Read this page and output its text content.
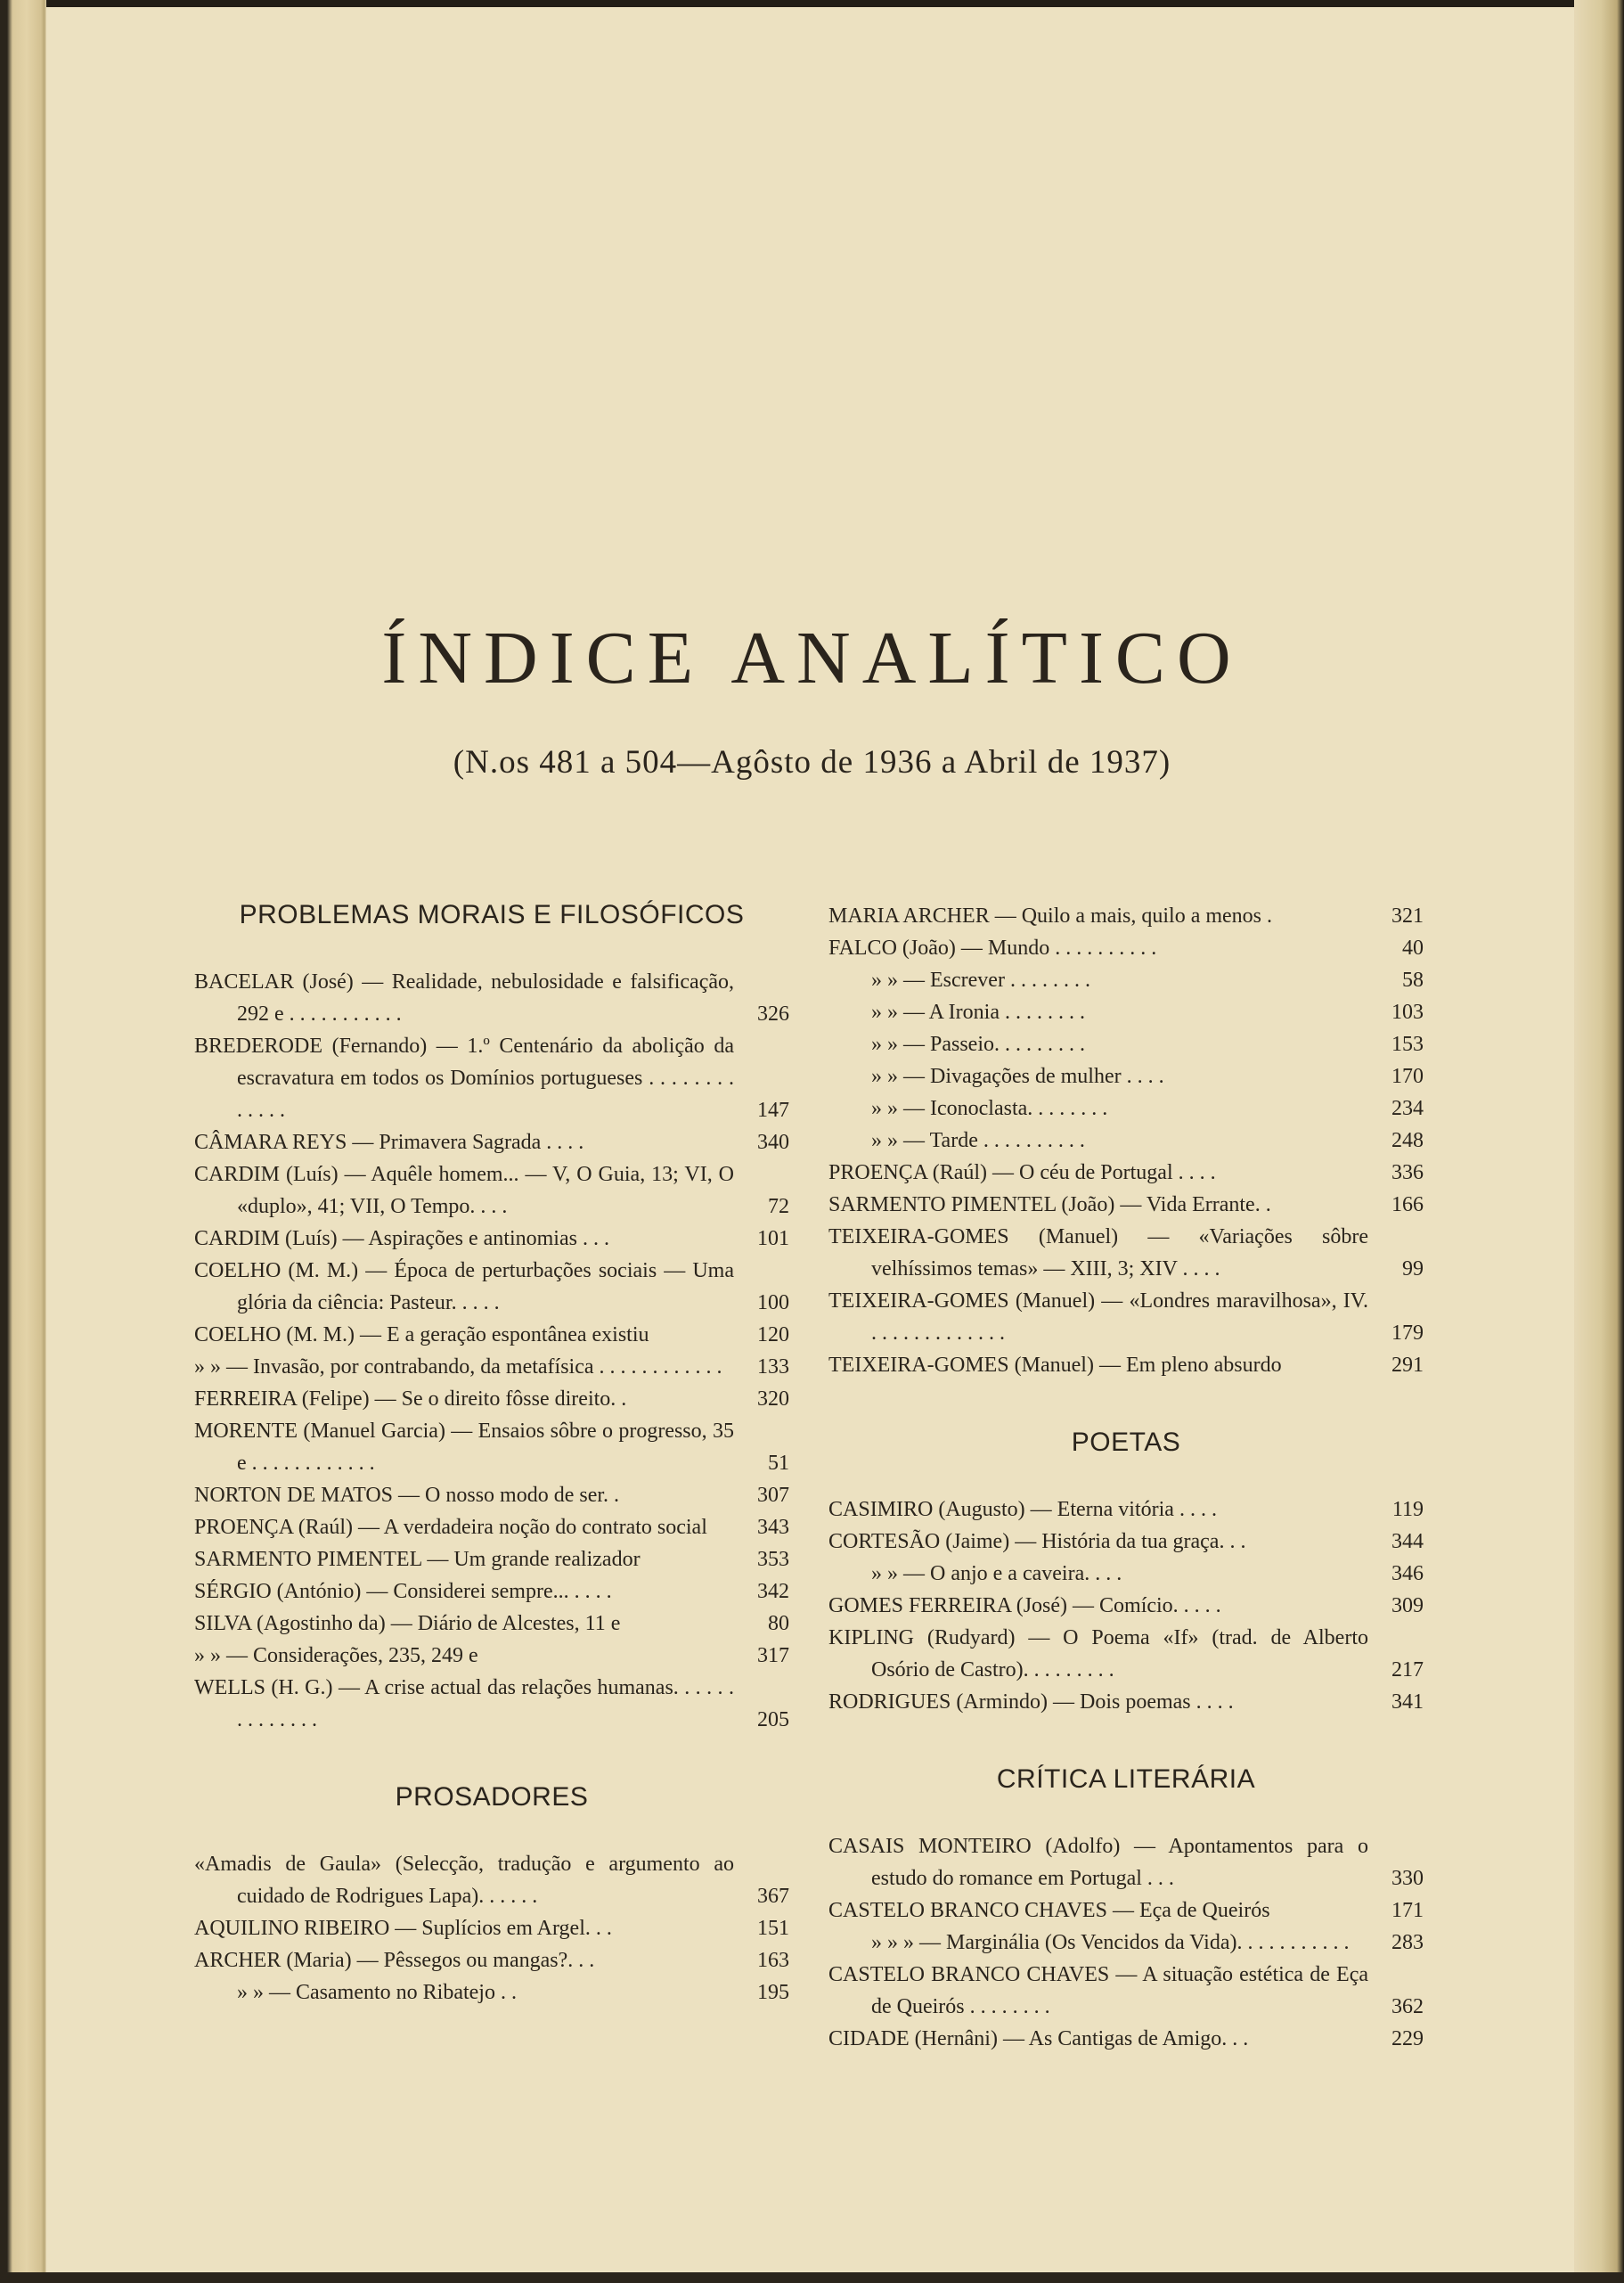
ÍNDICE ANALÍTICO
(N.os 481 a 504—Agôsto de 1936 a Abril de 1937)
PROBLEMAS MORAIS E FILOSÓFICOS
BACELAR (José) — Realidade, nebulosidade e falsificação, 292 e . . . . . . . . . . .	326
BREDERODE (Fernando) — 1.º Centenário da abolição da escravatura em todos os Domínios portugueses . . . . . . . . . . . . .	147
CÂMARA REYS — Primavera Sagrada . . . .	340
CARDIM (Luís) — Aquêle homem... — V, O Guia, 13; VI, O «duplo», 41; VII, O Tempo. . . .	72
CARDIM (Luís) — Aspirações e antinomias . . .	101
COELHO (M. M.) — Época de perturbações sociais — Uma glória da ciência: Pasteur. . . . .	100
COELHO (M. M.) — E a geração espontânea existiu	120
» » — Invasão, por contrabando, da metafísica . . . . . . . . . . . .	133
FERREIRA (Felipe) — Se o direito fôsse direito. .	320
MORENTE (Manuel Garcia) — Ensaios sôbre o progresso, 35 e . . . . . . . . . . . .	51
NORTON DE MATOS — O nosso modo de ser. .	307
PROENÇA (Raúl) — A verdadeira noção do contrato social	343
SARMENTO PIMENTEL — Um grande realizador	353
SÉRGIO (António) — Considerei sempre... . . . .	342
SILVA (Agostinho da) — Diário de Alcestes, 11 e	80
» » — Considerações, 235, 249 e	317
WELLS (H. G.) — A crise actual das relações humanas. . . . . . . . . . . . . .	205
PROSADORES
«Amadis de Gaula» (Selecção, tradução e argumento ao cuidado de Rodrigues Lapa). . . . . .	367
AQUILINO RIBEIRO — Suplícios em Argel. . .	151
ARCHER (Maria) — Pêssegos ou mangas?. . .	163
» » — Casamento no Ribatejo . .	195
MARIA ARCHER — Quilo a mais, quilo a menos .	321
FALCO (João) — Mundo . . . . . . . . . .	40
» » — Escrever . . . . . . . .	58
» » — A Ironia . . . . . . . .	103
» » — Passeio. . . . . . . . .	153
» » — Divagações de mulher . . . .	170
» » — Iconoclasta. . . . . . . .	234
» » — Tarde . . . . . . . . . .	248
PROENÇA (Raúl) — O céu de Portugal . . . .	336
SARMENTO PIMENTEL (João) — Vida Errante. .	166
TEIXEIRA-GOMES (Manuel) — «Variações sôbre velhíssimos temas» — XIII, 3; XIV . . . .	99
TEIXEIRA-GOMES (Manuel) — «Londres maravilhosa», IV. . . . . . . . . . . . . .	179
TEIXEIRA-GOMES (Manuel) — Em pleno absurdo	291
POETAS
CASIMIRO (Augusto) — Eterna vitória . . . .	119
CORTESÃO (Jaime) — História da tua graça. . .	344
» » — O anjo e a caveira. . . .	346
GOMES FERREIRA (José) — Comício. . . . .	309
KIPLING (Rudyard) — O Poema «If» (trad. de Alberto Osório de Castro). . . . . . . . .	217
RODRIGUES (Armindo) — Dois poemas . . . .	341
CRÍTICA LITERÁRIA
CASAIS MONTEIRO (Adolfo) — Apontamentos para o estudo do romance em Portugal . . .	330
CASTELO BRANCO CHAVES — Eça de Queirós	171
» » » — Marginália (Os Vencidos da Vida). . . . . . . . . . .	283
CASTELO BRANCO CHAVES — A situação estética de Eça de Queirós . . . . . . . .	362
CIDADE (Hernâni) — As Cantigas de Amigo. . .	229
